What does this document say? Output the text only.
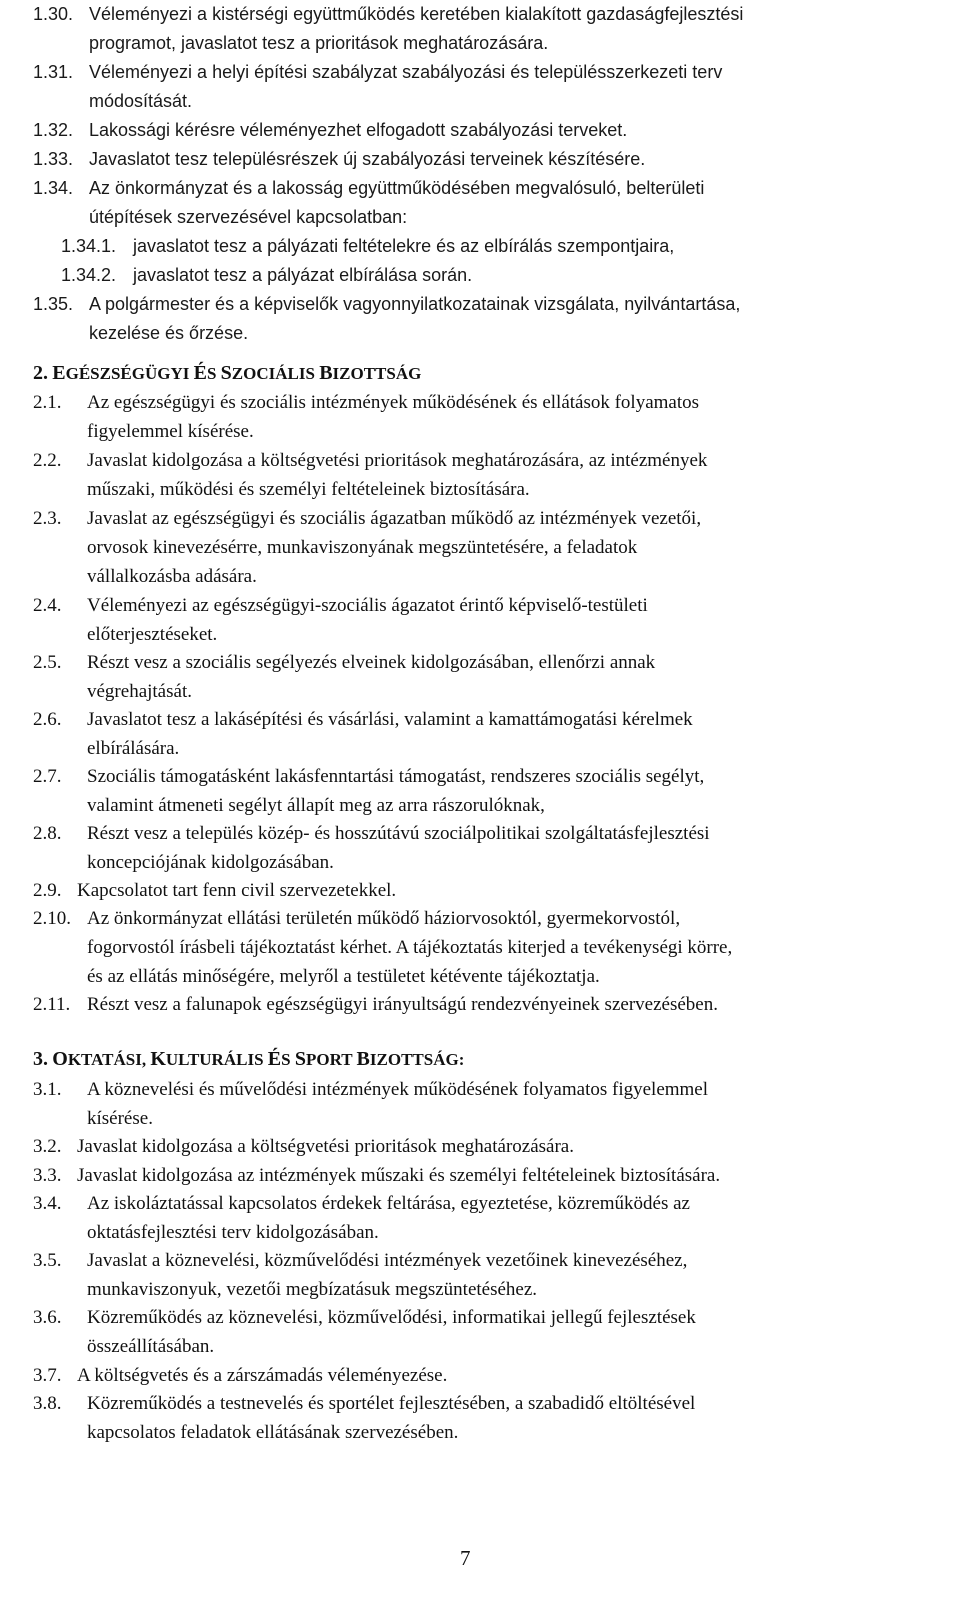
1.30. Véleményezi a kistérségi együttműködés keretében kialakított gazdaságfejlesztési
programot, javaslatot tesz a prioritások meghatározására.
1.31. Véleményezi a helyi építési szabályzat szabályozási és településszerkezeti terv
módosítását.
1.32. Lakossági kérésre véleményezhet elfogadott szabályozási terveket.
1.33. Javaslatot tesz településrészek új szabályozási terveinek készítésére.
1.34. Az önkormányzat és a lakosság együttműködésében megvalósuló, belterületi
útépítések szervezésével kapcsolatban:
1.34.1. javaslatot tesz a pályázati feltételekre és az elbírálás szempontjaira,
1.34.2. javaslatot tesz a pályázat elbírálása során.
1.35. A polgármester és a képviselők vagyonnyilatkozatainak vizsgálata, nyilvántartása,
kezelése és őrzése.
2. EGÉSZSÉGÜGYI ÉS SZOCIÁLIS BIZOTTSÁG
2.1. Az egészségügyi és szociális intézmények működésének és ellátások folyamatos
figyelemmel kísérése.
2.2. Javaslat kidolgozása a költségvetési prioritások meghatározására, az intézmények
műszaki, működési és személyi feltételeinek biztosítására.
2.3. Javaslat az egészségügyi és szociális ágazatban működő az intézmények vezetői,
orvosok kinevezésérre, munkaviszonyának megszüntetésére, a feladatok
vállalkozásba adására.
2.4. Véleményezi az egészségügyi-szociális ágazatot érintő képviselő-testületi
előterjesztéseket.
2.5. Részt vesz a szociális segélyezés elveinek kidolgozásában, ellenőrzi annak
végrehajtását.
2.6. Javaslatot tesz a lakásépítési és vásárlási, valamint a kamattámogatási kérelmek
elbírálására.
2.7. Szociális támogatásként lakásfenntartási támogatást, rendszeres szociális segélyt,
valamint átmeneti segélyt állapít meg az arra rászorulóknak,
2.8. Részt vesz a település közép- és hosszútávú szociálpolitikai szolgáltatásfejlesztési
koncepciójának kidolgozásában.
2.9. Kapcsolatot tart fenn civil szervezetekkel.
2.10. Az önkormányzat ellátási területén működő háziorvosoktól, gyermekorvostól,
fogorvostól írásbeli tájékoztatást kérhet. A tájékoztatás kiterjed a tevékenységi körre,
és az ellátás minőségére, melyről a testületet kétévente tájékoztatja.
2.11. Részt vesz a falunapok egészségügyi irányultságú rendezvényeinek szervezésében.
3. OKTATÁSI, KULTURÁLIS ÉS SPORT BIZOTTSÁG:
3.1. A köznevelési és művelődési intézmények működésének folyamatos figyelemmel
kísérése.
3.2. Javaslat kidolgozása a költségvetési prioritások meghatározására.
3.3. Javaslat kidolgozása az intézmények műszaki és személyi feltételeinek biztosítására.
3.4. Az iskoláztatással kapcsolatos érdekek feltárása, egyeztetése, közreműködés az
oktatásfejlesztési terv kidolgozásában.
3.5. Javaslat a köznevelési, közművelődési intézmények vezetőinek kinevezéséhez,
munkaviszonyuk, vezetői megbízatásuk megszüntetéséhez.
3.6. Közreműködés az köznevelési, közművelődési, informatikai jellegű fejlesztések
összeállításában.
3.7. A költségvetés és a zárszámadás véleményezése.
3.8. Közreműködés a testnevelés és sportélet fejlesztésében, a szabadidő eltöltésével
kapcsolatos feladatok ellátásának szervezésében.
7
